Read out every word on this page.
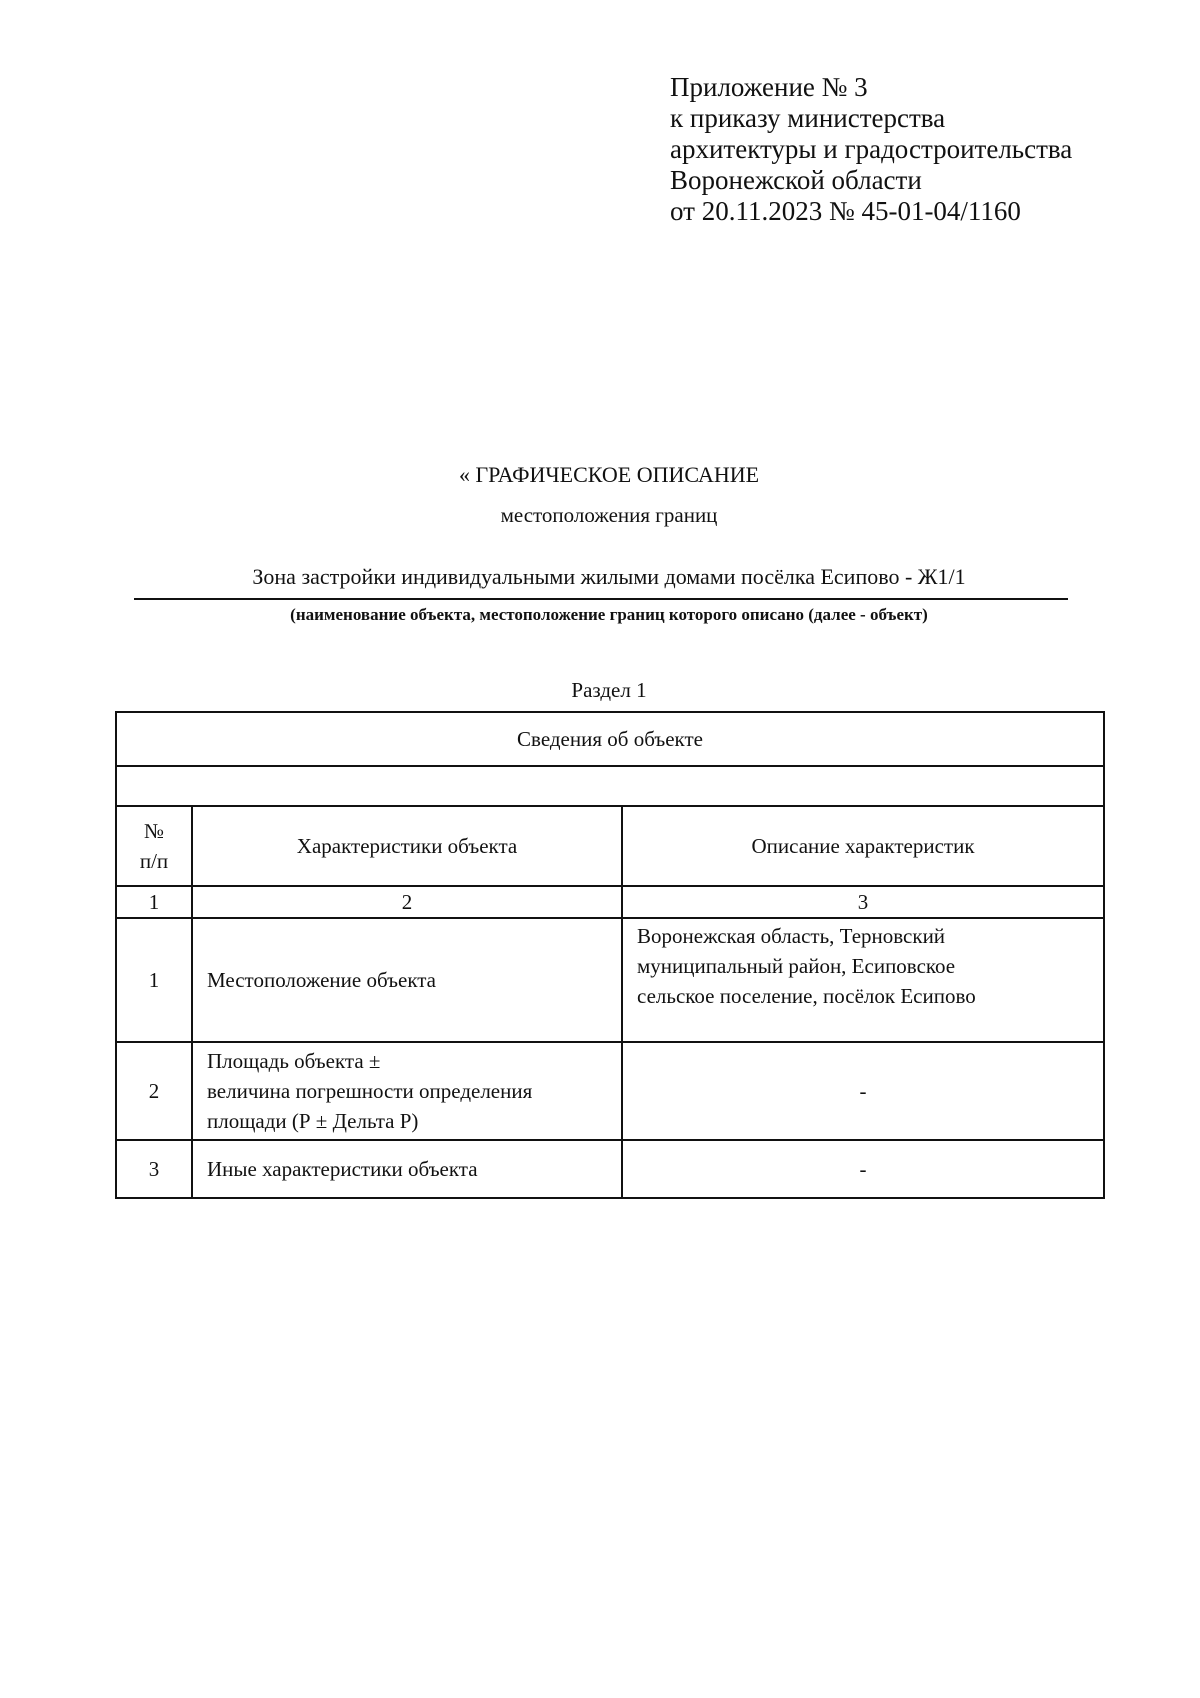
Приложение № 3
к приказу министерства
архитектуры и градостроительства
Воронежской области
от 20.11.2023 № 45-01-04/1160
« ГРАФИЧЕСКОЕ ОПИСАНИЕ
местоположения границ
Зона застройки индивидуальными жилыми домами посёлка Есипово - Ж1/1
(наименование объекта, местоположение границ которого описано (далее - объект)
Раздел 1
Сведения об объекте		

№
п/п	Характеристики объекта	Описание характеристик
1	2	3
1	Местоположение объекта	Воронежская область, Терновский
муниципальный район, Есиповское
сельское поселение, посёлок Есипово

2	Площадь объекта ±
величина погрешности определения
площади (Р ± Дельта Р)	-
3	Иные характеристики объекта	-
